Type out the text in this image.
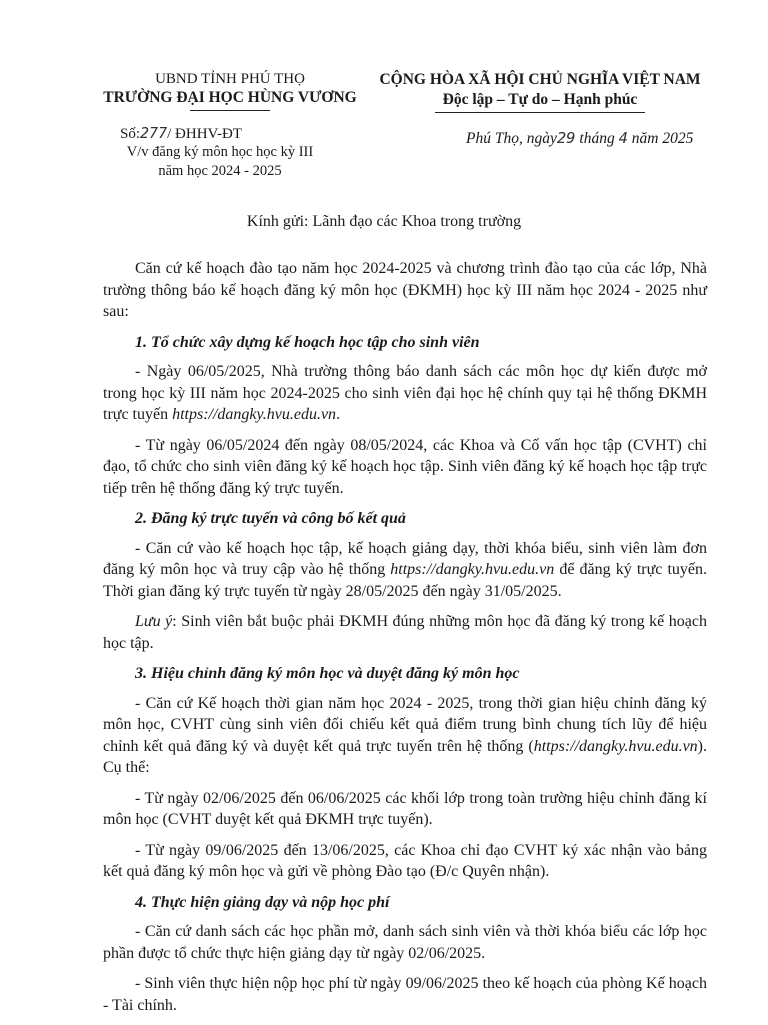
UBND TỈNH PHÚ THỌ
TRƯỜNG ĐẠI HỌC HÙNG VƯƠNG
CỘNG HÒA XÃ HỘI CHỦ NGHĨA VIỆT NAM
Độc lập – Tự do – Hạnh phúc
Số:277/ ĐHHV-ĐT
V/v đăng ký môn học học kỳ III
năm học 2024 - 2025
Phú Thọ, ngày29 tháng 4 năm 2025
Kính gửi: Lãnh đạo các Khoa trong trường

Căn cứ kế hoạch đào tạo năm học 2024-2025 và chương trình đào tạo của các lớp, Nhà trường thông báo kế hoạch đăng ký môn học (ĐKMH) học kỳ III năm học 2024 - 2025 như sau:

1. Tổ chức xây dựng kế hoạch học tập cho sinh viên

- Ngày 06/05/2025, Nhà trường thông báo danh sách các môn học dự kiến được mở trong học kỳ III năm học 2024-2025 cho sinh viên đại học hệ chính quy tại hệ thống ĐKMH trực tuyến https://dangky.hvu.edu.vn.

- Từ ngày 06/05/2024 đến ngày 08/05/2024, các Khoa và Cố vấn học tập (CVHT) chỉ đạo, tổ chức cho sinh viên đăng ký kế hoạch học tập. Sinh viên đăng ký kế hoạch học tập trực tiếp trên hệ thống đăng ký trực tuyến.

2. Đăng ký trực tuyến và công bố kết quả

- Căn cứ vào kế hoạch học tập, kế hoạch giảng dạy, thời khóa biểu, sinh viên làm đơn đăng ký môn học và truy cập vào hệ thống https://dangky.hvu.edu.vn để đăng ký trực tuyến. Thời gian đăng ký trực tuyến từ ngày 28/05/2025 đến ngày 31/05/2025.

Lưu ý: Sinh viên bắt buộc phải ĐKMH đúng những môn học đã đăng ký trong kế hoạch học tập.

3. Hiệu chỉnh đăng ký môn học và duyệt đăng ký môn học

- Căn cứ Kế hoạch thời gian năm học 2024 - 2025, trong thời gian hiệu chỉnh đăng ký môn học, CVHT cùng sinh viên đối chiếu kết quả điểm trung bình chung tích lũy để hiệu chỉnh kết quả đăng ký và duyệt kết quả trực tuyến trên hệ thống (https://dangky.hvu.edu.vn). Cụ thể:

- Từ ngày 02/06/2025 đến 06/06/2025 các khối lớp trong toàn trường hiệu chỉnh đăng kí môn học (CVHT duyệt kết quả ĐKMH trực tuyến).

- Từ ngày 09/06/2025 đến 13/06/2025, các Khoa chỉ đạo CVHT ký xác nhận vào bảng kết quả đăng ký môn học và gửi về phòng Đào tạo (Đ/c Quyên nhận).

4. Thực hiện giảng dạy và nộp học phí

- Căn cứ danh sách các học phần mở, danh sách sinh viên và thời khóa biểu các lớp học phần được tổ chức thực hiện giảng dạy từ ngày 02/06/2025.

- Sinh viên thực hiện nộp học phí từ ngày 09/06/2025 theo kế hoạch của phòng Kế hoạch - Tài chính.
